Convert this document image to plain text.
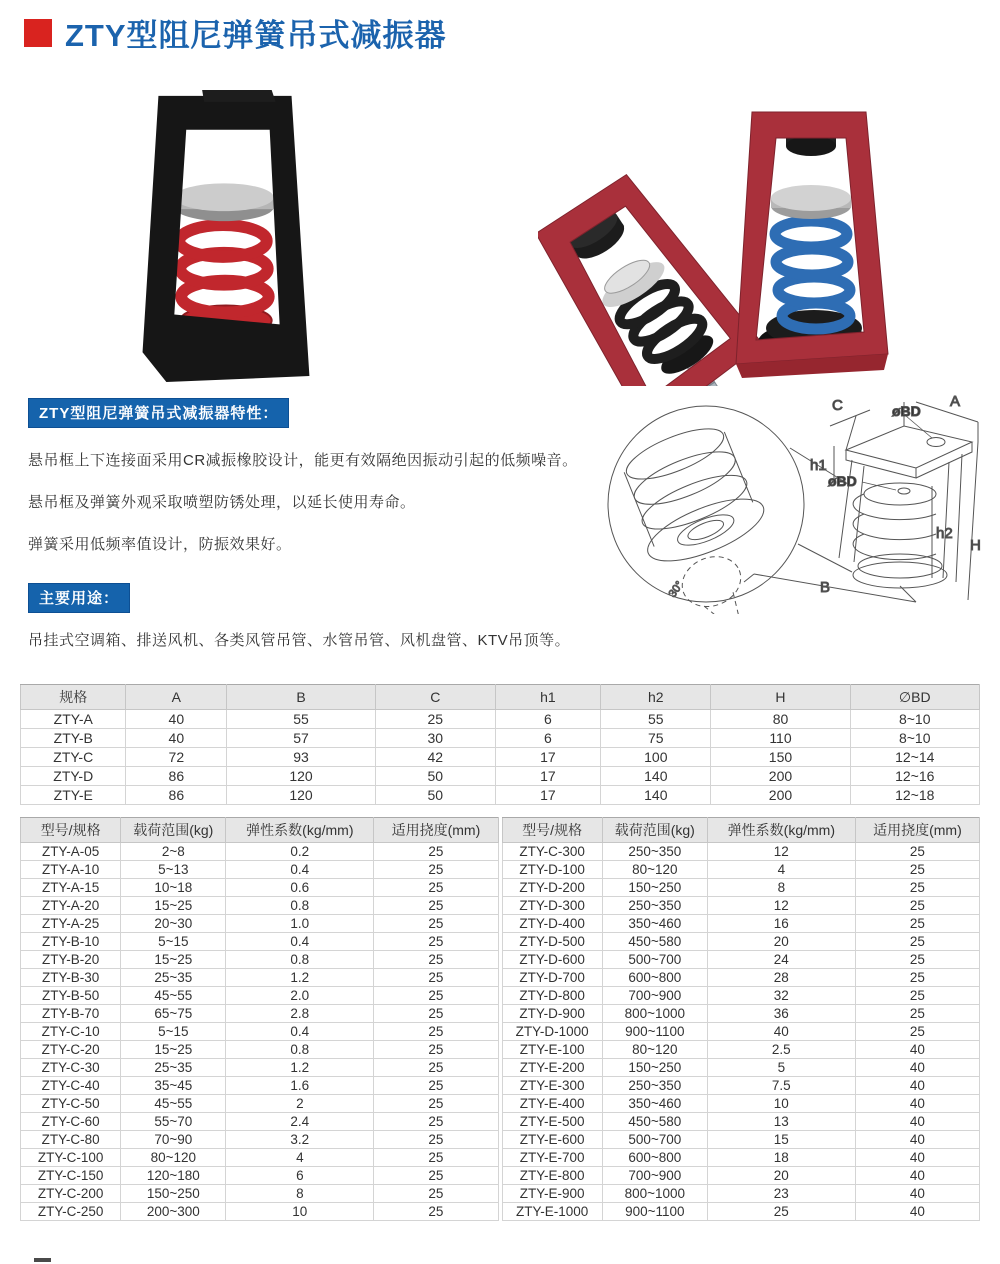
ZTY型阻尼弹簧吊式减振器
ZTY型阻尼弹簧吊式减振器特性：

悬吊框上下连接面采用CR减振橡胶设计，能更有效隔绝因振动引起的低频噪音。

悬吊框及弹簧外观采取喷塑防锈处理，以延长使用寿命。

弹簧采用低频率值设计，防振效果好。

30°
C	A
øBD
h1
øBD
h2
H
B
主要用途：

吊挂式空调箱、排送风机、各类风管吊管、水管吊管、风机盘管、KTV吊顶等。

规格	A	B	C	h1	h2	H	∅BD
ZTY-A	40	55	25	6	55	80	8~10
ZTY-B	40	57	30	6	75	110	8~10
ZTY-C	72	93	42	17	100	150	12~14
ZTY-D	86	120	50	17	140	200	12~16
ZTY-E	86	120	50	17	140	200	12~18
型号/规格	载荷范围(kg)	弹性系数(kg/mm)	适用挠度(mm)
ZTY-A-05	2~8	0.2	25
ZTY-A-10	5~13	0.4	25
ZTY-A-15	10~18	0.6	25
ZTY-A-20	15~25	0.8	25
ZTY-A-25	20~30	1.0	25
ZTY-B-10	5~15	0.4	25
ZTY-B-20	15~25	0.8	25
ZTY-B-30	25~35	1.2	25
ZTY-B-50	45~55	2.0	25
ZTY-B-70	65~75	2.8	25
ZTY-C-10	5~15	0.4	25
ZTY-C-20	15~25	0.8	25
ZTY-C-30	25~35	1.2	25
ZTY-C-40	35~45	1.6	25
ZTY-C-50	45~55	2	25
ZTY-C-60	55~70	2.4	25
ZTY-C-80	70~90	3.2	25
ZTY-C-100	80~120	4	25
ZTY-C-150	120~180	6	25
ZTY-C-200	150~250	8	25
ZTY-C-250	200~300	10	25
型号/规格	载荷范围(kg)	弹性系数(kg/mm)	适用挠度(mm)
ZTY-C-300	250~350	12	25
ZTY-D-100	80~120	4	25
ZTY-D-200	150~250	8	25
ZTY-D-300	250~350	12	25
ZTY-D-400	350~460	16	25
ZTY-D-500	450~580	20	25
ZTY-D-600	500~700	24	25
ZTY-D-700	600~800	28	25
ZTY-D-800	700~900	32	25
ZTY-D-900	800~1000	36	25
ZTY-D-1000	900~1100	40	25
ZTY-E-100	80~120	2.5	40
ZTY-E-200	150~250	5	40
ZTY-E-300	250~350	7.5	40
ZTY-E-400	350~460	10	40
ZTY-E-500	450~580	13	40
ZTY-E-600	500~700	15	40
ZTY-E-700	600~800	18	40
ZTY-E-800	700~900	20	40
ZTY-E-900	800~1000	23	40
ZTY-E-1000	900~1100	25	40
